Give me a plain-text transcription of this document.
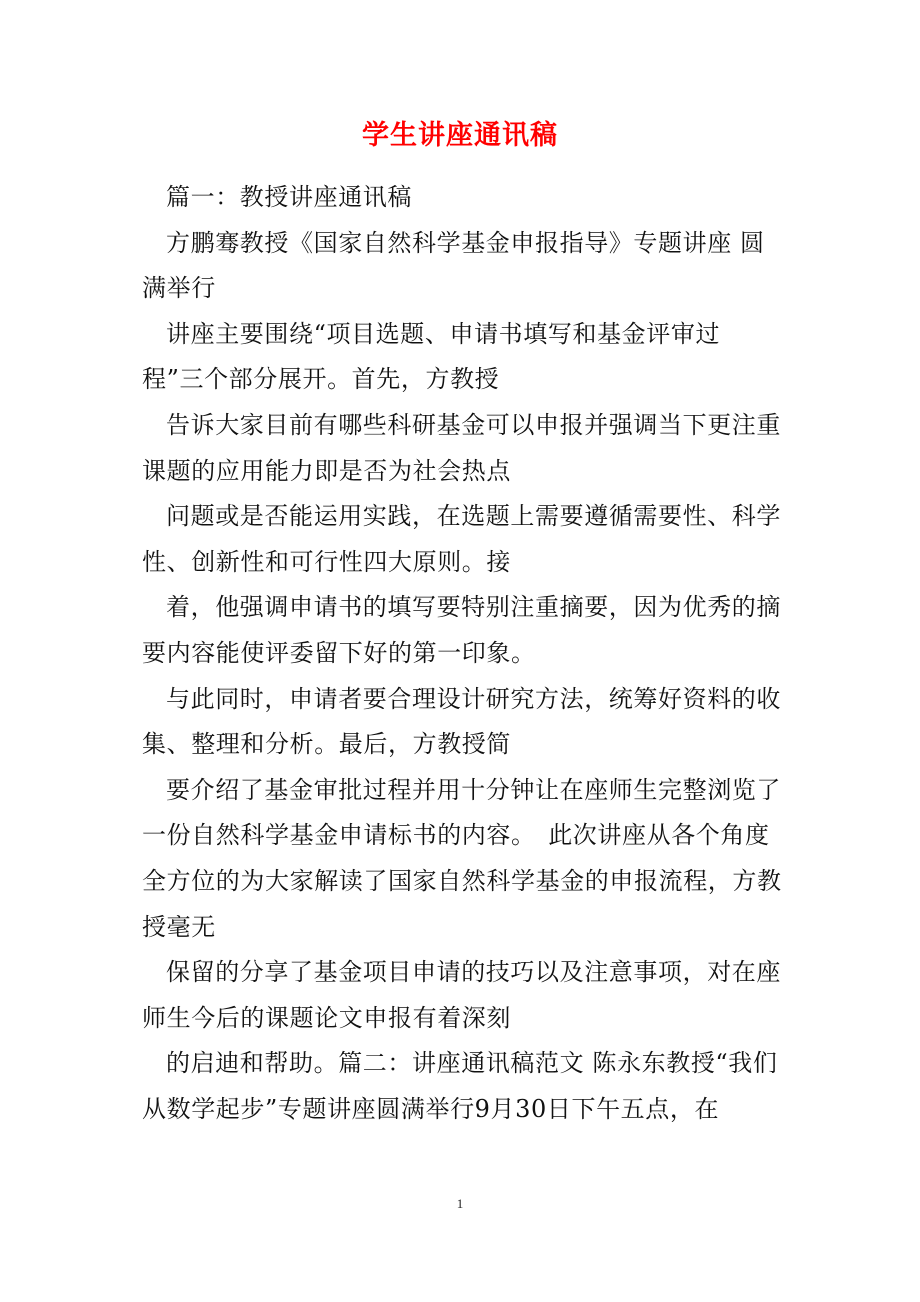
学生讲座通讯稿

篇一：教授讲座通讯稿

方鹏骞教授《国家自然科学基金申报指导》专题讲座 圆满举行

讲座主要围绕“项目选题、申请书填写和基金评审过程”三个部分展开。首先，方教授

告诉大家目前有哪些科研基金可以申报并强调当下更注重课题的应用能力即是否为社会热点

问题或是否能运用实践，在选题上需要遵循需要性、科学性、创新性和可行性四大原则。接

着，他强调申请书的填写要特别注重摘要，因为优秀的摘要内容能使评委留下好的第一印象。

与此同时，申请者要合理设计研究方法，统筹好资料的收集、整理和分析。最后，方教授简

要介绍了基金审批过程并用十分钟让在座师生完整浏览了一份自然科学基金申请标书的内容。　此次讲座从各个角度全方位的为大家解读了国家自然科学基金的申报流程，方教授毫无

保留的分享了基金项目申请的技巧以及注意事项，对在座师生今后的课题论文申报有着深刻

的启迪和帮助。篇二：讲座通讯稿范文 陈永东教授“我们从数学起步”专题讲座圆满举行9月30日下午五点，在

1
